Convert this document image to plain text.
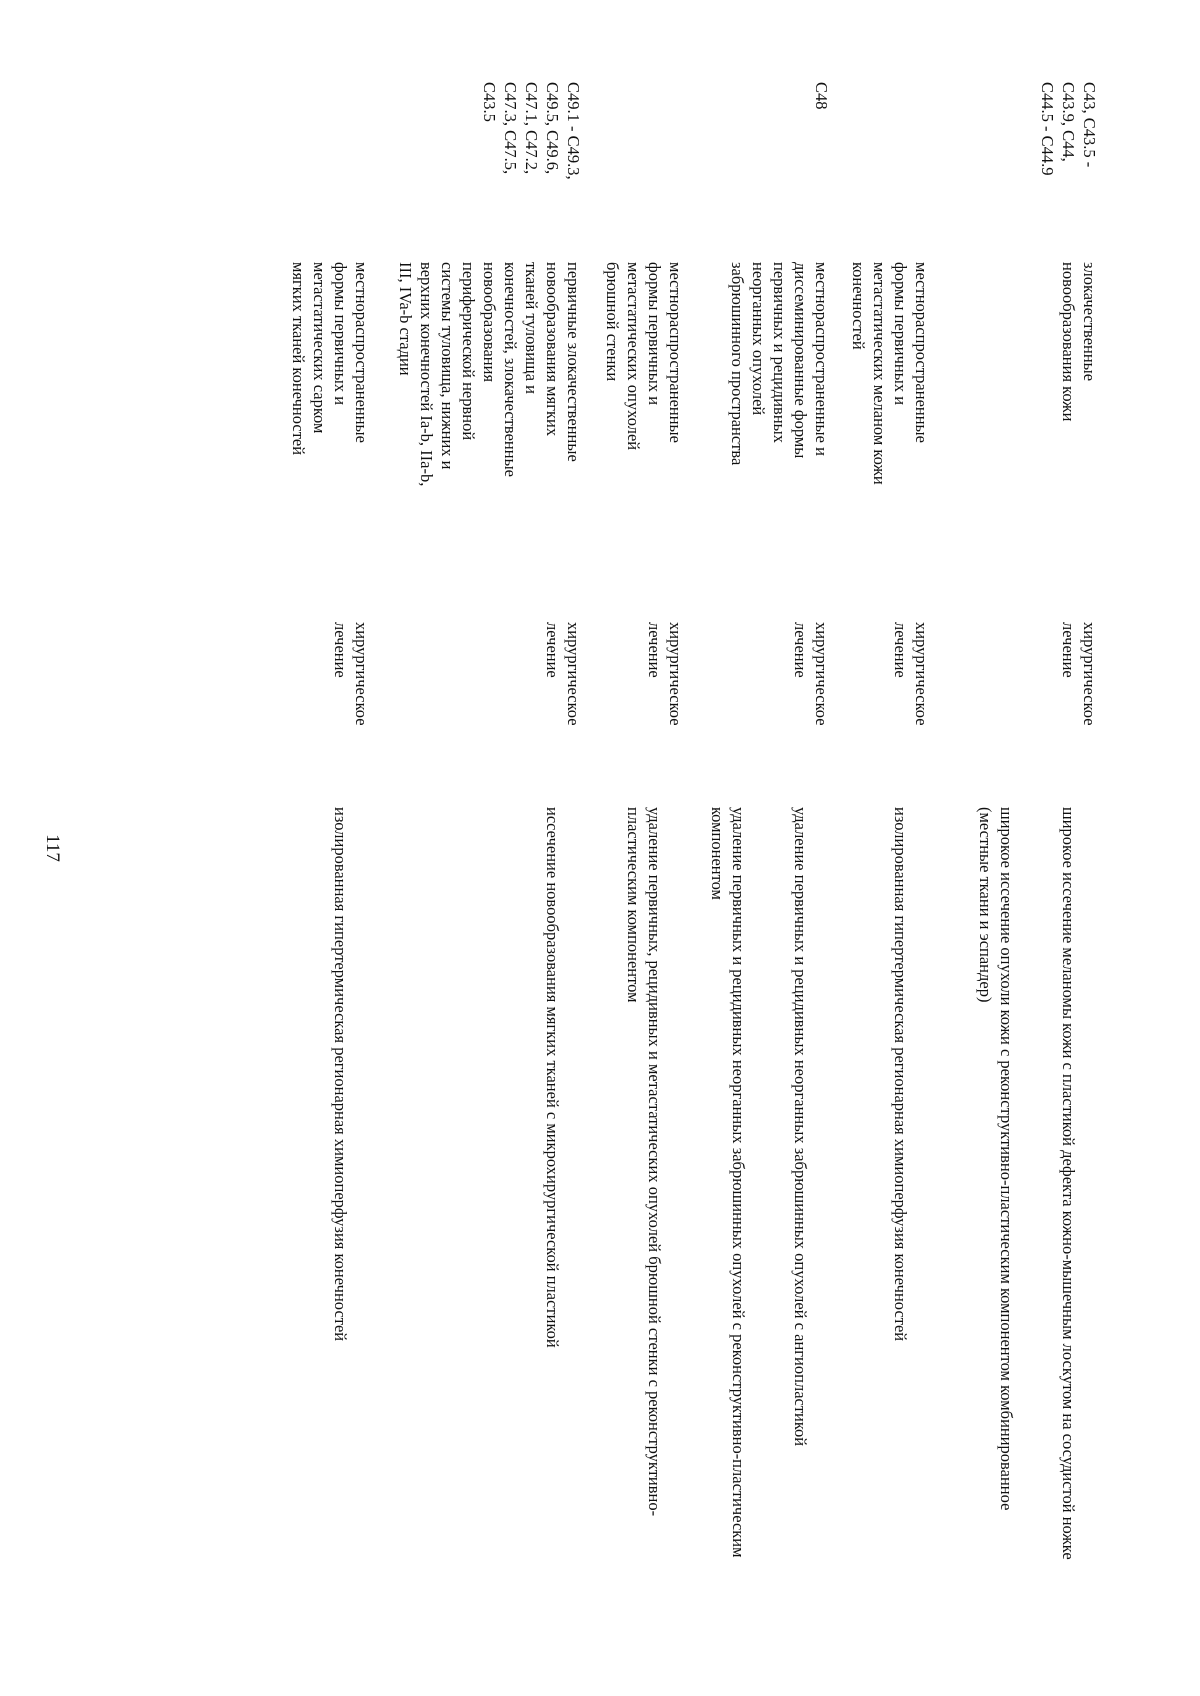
117
C43, C43.5 -
C43.9, C44,
C44.5 - C44.9
злокачественные
новообразования кожи
хирургическое
лечение

широкое иссечение меланомы кожи с пластикой дефекта кожно-мышечным лоскутом на сосудистой ножке

широкое иссечение опухоли кожи с реконструктивно-пластическим компонентом комбинированное (местные ткани и эспандер)

местнораспространенные
формы первичных и
метастатических меланом кожи
конечностей
хирургическое
лечение

изолированная гипертермическая регионарная химиоперфузия конечностей

C48
местнораспространенные и
диссеминированные формы
первичных и рецидивных
неорганных опухолей
забрюшинного пространства
хирургическое
лечение

удаление первичных и рецидивных неорганных забрюшинных опухолей с ангиопластикой

удаление первичных и рецидивных неорганных забрюшинных опухолей с реконструктивно-пластическим компонентом

местнораспространенные
формы первичных и
метастатических опухолей
брюшной стенки
хирургическое
лечение

удаление первичных, рецидивных и метастатических опухолей брюшной стенки с реконструктивно-пластическим компонентом

C49.1 - C49.3,
C49.5, C49.6,
C47.1, C47.2,
C47.3, C47.5,
C43.5
первичные злокачественные
новообразования мягких
тканей туловища и
конечностей, злокачественные
новообразования
периферической нервной
системы туловища, нижних и
верхних конечностей Ia-b, IIa-b,
III, IVa-b стадии
хирургическое
лечение

иссечение новообразования мягких тканей с микрохирургической пластикой

местнораспространенные
формы первичных и
метастатических сарком
мягких тканей конечностей
хирургическое
лечение

изолированная гипертермическая регионарная химиоперфузия конечностей
